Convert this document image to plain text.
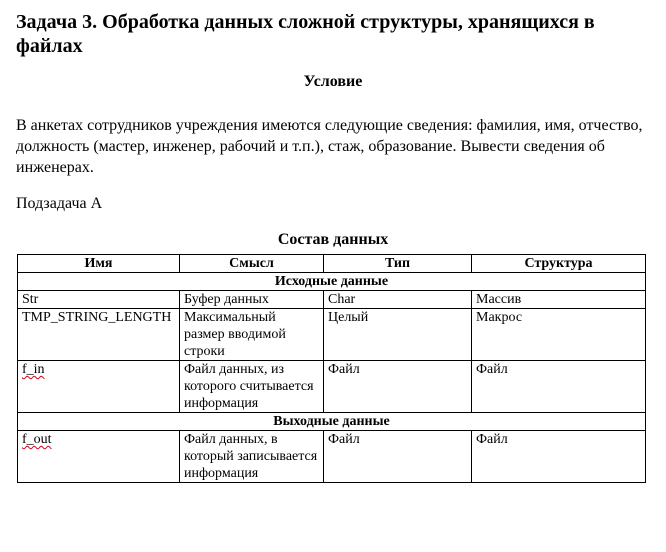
Задача 3. Обработка данных сложной структуры, хранящихся в файлах
Условие

В анкетах сотрудников учреждения имеются следующие сведения: фамилия, имя, отчество, должность (мастер, инженер, рабочий и т.п.), стаж, образование. Вывести сведения об инженерах.

Подзадача А

Состав данных
Имя	Смысл	Тип	Структура
Исходные данные			
Str	Буфер данных	Char	Массив
TMP_STRING_LENGTH	Максимальный размер вводимой строки	Целый	Макрос
f_in	Файл данных, из которого считывается информация	Файл	Файл
Выходные данные			
f_out	Файл данных, в который записывается информация	Файл	Файл
